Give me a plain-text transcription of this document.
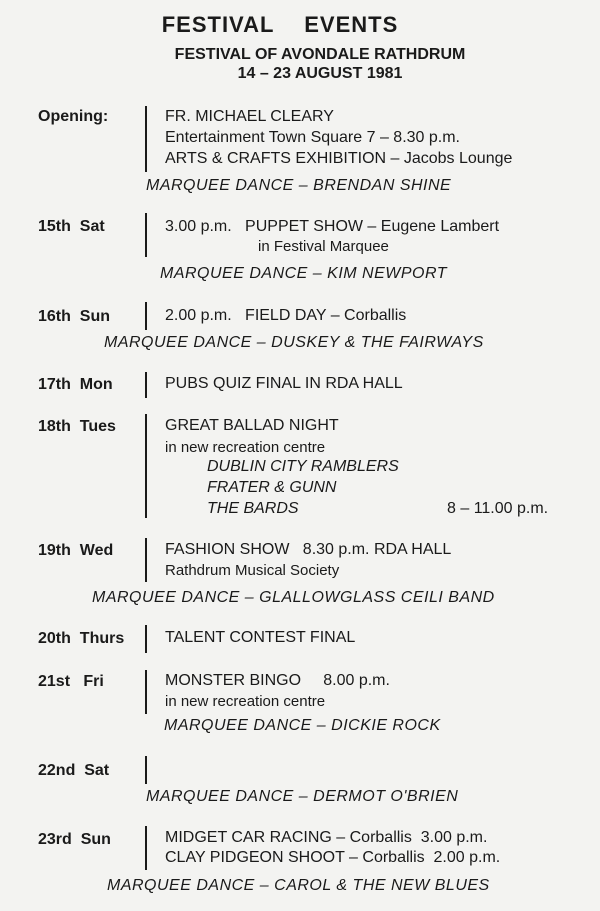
FESTIVAL  EVENTS
FESTIVAL OF AVONDALE RATHDRUM
14 – 23 AUGUST 1981
Opening:	FR. MICHAEL CLEARY
Entertainment Town Square 7 – 8.30 p.m.
ARTS & CRAFTS EXHIBITION – Jacobs Lounge
MARQUEE DANCE – BRENDAN SHINE
15th  Sat	3.00 p.m.   PUPPET SHOW – Eugene Lambert
in Festival Marquee
MARQUEE DANCE – KIM NEWPORT
16th  Sun	2.00 p.m.   FIELD DAY – Corballis
MARQUEE DANCE – DUSKEY & THE FAIRWAYS
17th  Mon	PUBS QUIZ FINAL IN RDA HALL
18th  Tues	GREAT BALLAD NIGHT
in new recreation centre
DUBLIN CITY RAMBLERS
FRATER & GUNN
THE BARDS	8 – 11.00 p.m.
19th  Wed	FASHION SHOW   8.30 p.m. RDA HALL
Rathdrum Musical Society
MARQUEE DANCE – GLALLOWGLASS CEILI BAND
20th  Thurs	TALENT CONTEST FINAL
21st   Fri	MONSTER BINGO     8.00 p.m.
in new recreation centre
MARQUEE DANCE – DICKIE ROCK
22nd  Sat
MARQUEE DANCE – DERMOT O'BRIEN
23rd  Sun	MIDGET CAR RACING – Corballis  3.00 p.m.
CLAY PIDGEON SHOOT – Corballis  2.00 p.m.
MARQUEE DANCE – CAROL & THE NEW BLUES
